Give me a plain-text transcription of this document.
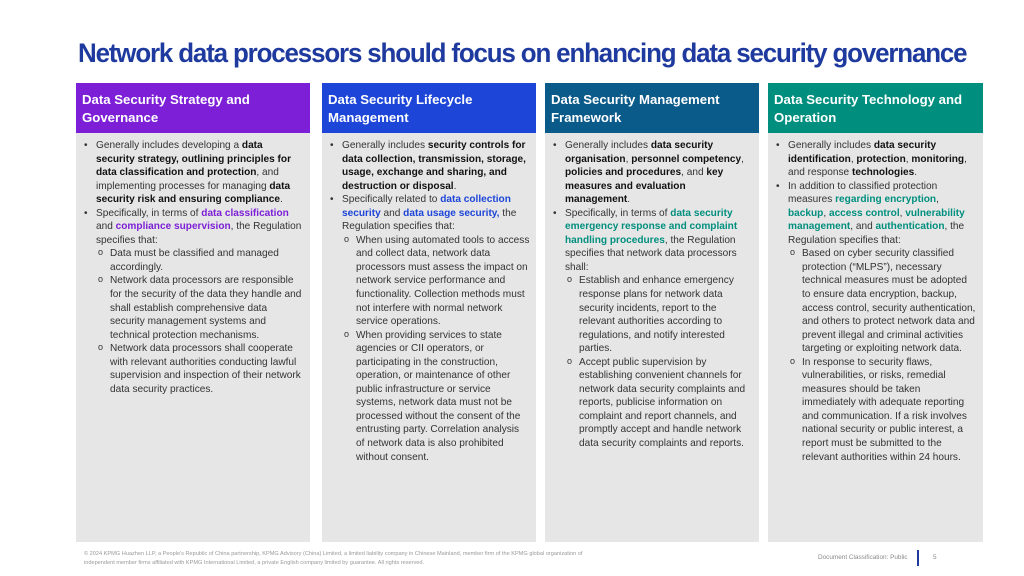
Network data processors should focus on enhancing data security governance
Data Security Strategy and Governance
• Generally includes developing a data security strategy, outlining principles for data classification and protection, and implementing processes for managing data security risk and ensuring compliance.
• Specifically, in terms of data classification and compliance supervision, the Regulation specifies that:
o Data must be classified and managed accordingly.
o Network data processors are responsible for the security of the data they handle and shall establish comprehensive data security management systems and technical protection mechanisms.
o Network data processors shall cooperate with relevant authorities conducting lawful supervision and inspection of their network data security practices.
Data Security Lifecycle Management
• Generally includes security controls for data collection, transmission, storage, usage, exchange and sharing, and destruction or disposal.
• Specifically related to data collection security and data usage security, the Regulation specifies that:
o When using automated tools to access and collect data, network data processors must assess the impact on network service performance and functionality. Collection methods must not interfere with normal network service operations.
o When providing services to state agencies or CII operators, or participating in the construction, operation, or maintenance of other public infrastructure or service systems, network data must not be processed without the consent of the entrusting party. Correlation analysis of network data is also prohibited without consent.
Data Security Management Framework
• Generally includes data security organisation, personnel competency, policies and procedures, and key measures and evaluation management.
• Specifically, in terms of data security emergency response and complaint handling procedures, the Regulation specifies that network data processors shall:
o Establish and enhance emergency response plans for network data security incidents, report to the relevant authorities according to regulations, and notify interested parties.
o Accept public supervision by establishing convenient channels for network data security complaints and reports, publicise information on complaint and report channels, and promptly accept and handle network data security complaints and reports.
Data Security Technology and Operation
• Generally includes data security identification, protection, monitoring, and response technologies.
• In addition to classified protection measures regarding encryption, backup, access control, vulnerability management, and authentication, the Regulation specifies that:
o Based on cyber security classified protection (“MLPS”), necessary technical measures must be adopted to ensure data encryption, backup, access control, security authentication, and others to protect network data and prevent illegal and criminal activities targeting or exploiting network data.
o In response to security flaws, vulnerabilities, or risks, remedial measures should be taken immediately with adequate reporting and communication. If a risk involves national security or public interest, a report must be submitted to the relevant authorities within 24 hours.
© 2024 KPMG Huazhen LLP, a People's Republic of China partnership, KPMG Advisory (China) Limited, a limited liability company in Chinese Mainland, member firm of the KPMG global organization of independent member firms affiliated with KPMG International Limited, a private English company limited by guarantee. All rights reserved.
Document Classification: Public	5
